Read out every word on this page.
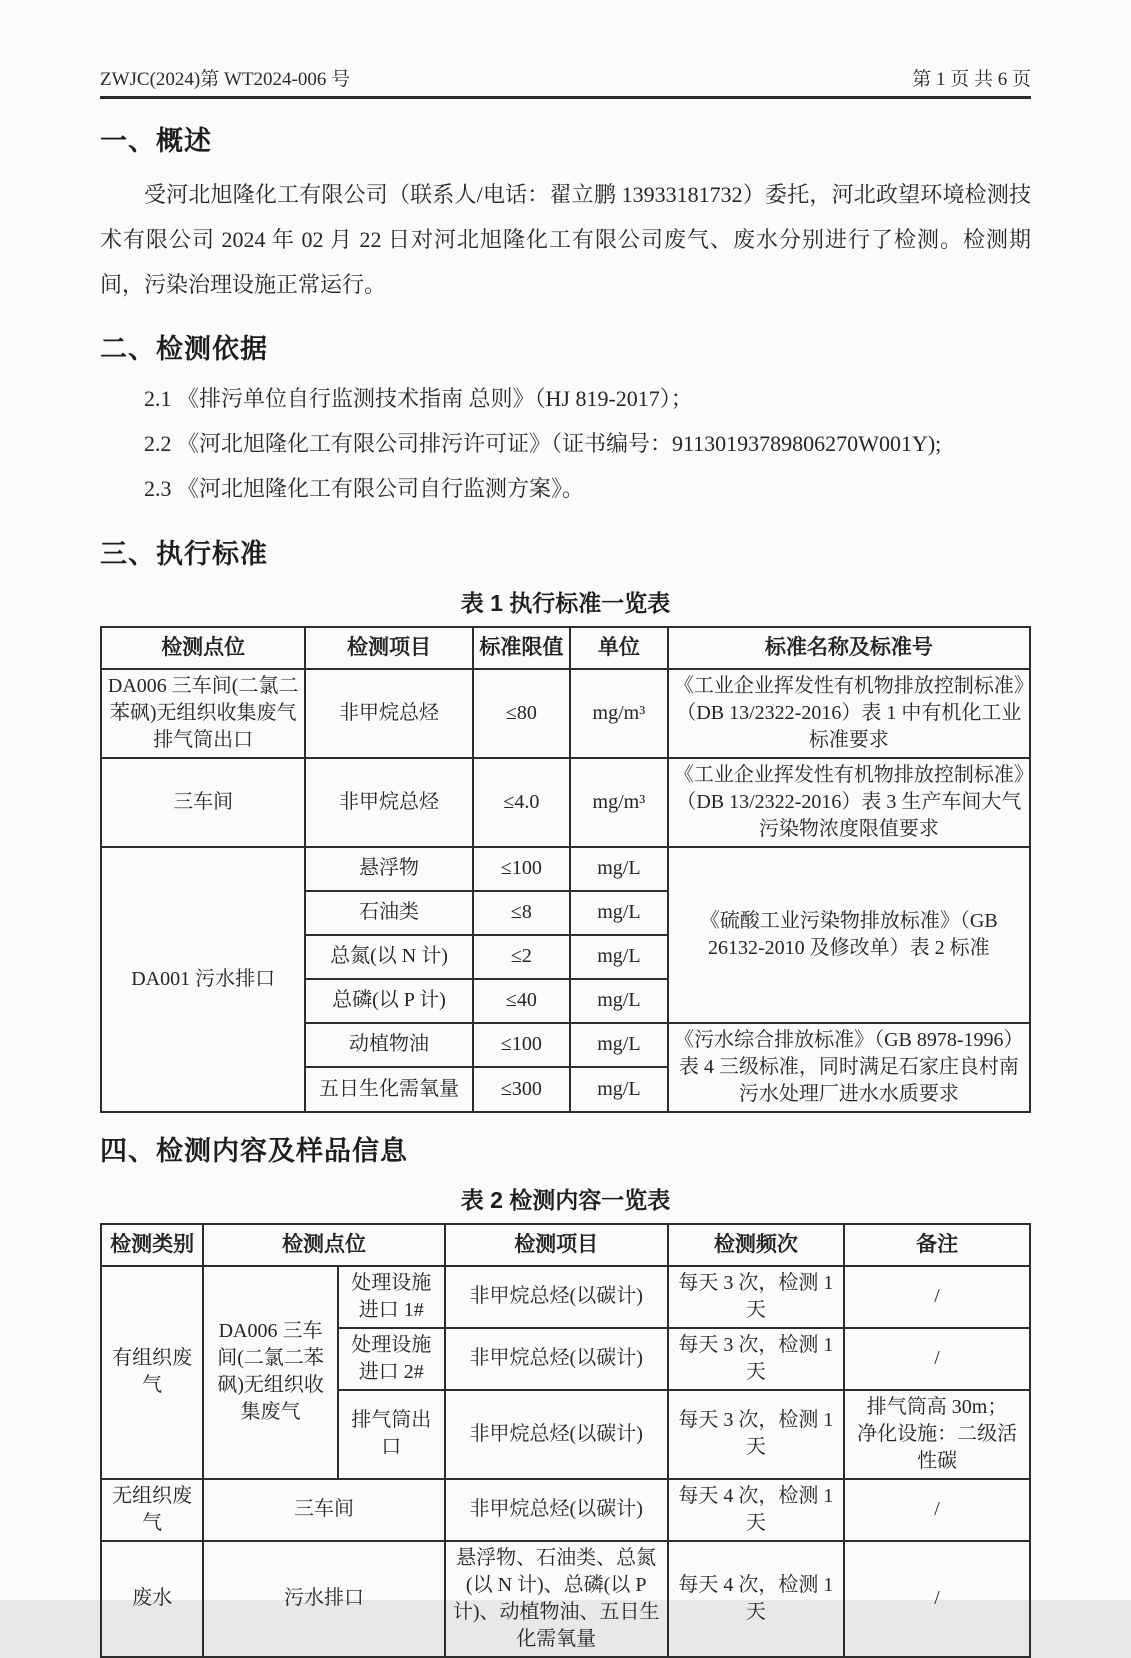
ZWJC(2024)第 WT2024-006 号	第 1 页 共 6 页
一、概述

受河北旭隆化工有限公司（联系人/电话：翟立鹏 13933181732）委托，河北政望环境检测技术有限公司 2024 年 02 月 22 日对河北旭隆化工有限公司废气、废水分别进行了检测。检测期间，污染治理设施正常运行。

二、检测依据

2.1 《排污单位自行监测技术指南 总则》（HJ 819-2017）；

2.2 《河北旭隆化工有限公司排污许可证》（证书编号：91130193789806270W001Y);

2.3 《河北旭隆化工有限公司自行监测方案》。

三、执行标准
表 1 执行标准一览表
检测点位	检测项目	标准限值	单位	标准名称及标准号
DA006 三车间(二氯二苯砜)无组织收集废气排气筒出口	非甲烷总烃	≤80	mg/m³	《工业企业挥发性有机物排放控制标准》（DB 13/2322-2016）表 1 中有机化工业标准要求
三车间	非甲烷总烃	≤4.0	mg/m³	《工业企业挥发性有机物排放控制标准》（DB 13/2322-2016）表 3 生产车间大气污染物浓度限值要求
DA001 污水排口	悬浮物	≤100	mg/L	《硫酸工业污染物排放标准》（GB 26132-2010 及修改单）表 2 标准
	石油类	≤8	mg/L	
	总氮(以 N 计)	≤2	mg/L	
	总磷(以 P 计)	≤40	mg/L	
	动植物油	≤100	mg/L	《污水综合排放标准》（GB 8978-1996）表 4 三级标准，同时满足石家庄良村南污水处理厂进水水质要求
	五日生化需氧量	≤300	mg/L	
四、检测内容及样品信息
表 2 检测内容一览表
检测类别	检测点位		检测项目	检测频次	备注
有组织废气	DA006 三车间(二氯二苯砜)无组织收集废气	处理设施进口 1#	非甲烷总烃(以碳计)	每天 3 次，检测 1 天	/
		处理设施进口 2#	非甲烷总烃(以碳计)	每天 3 次，检测 1 天	/
		排气筒出口	非甲烷总烃(以碳计)	每天 3 次，检测 1 天	排气筒高 30m；
净化设施：二级活性碳
无组织废气	三车间		非甲烷总烃(以碳计)	每天 4 次，检测 1 天	/
废水	污水排口		悬浮物、石油类、总氮(以 N 计)、总磷(以 P 计)、动植物油、五日生化需氧量	每天 4 次，检测 1 天	/
